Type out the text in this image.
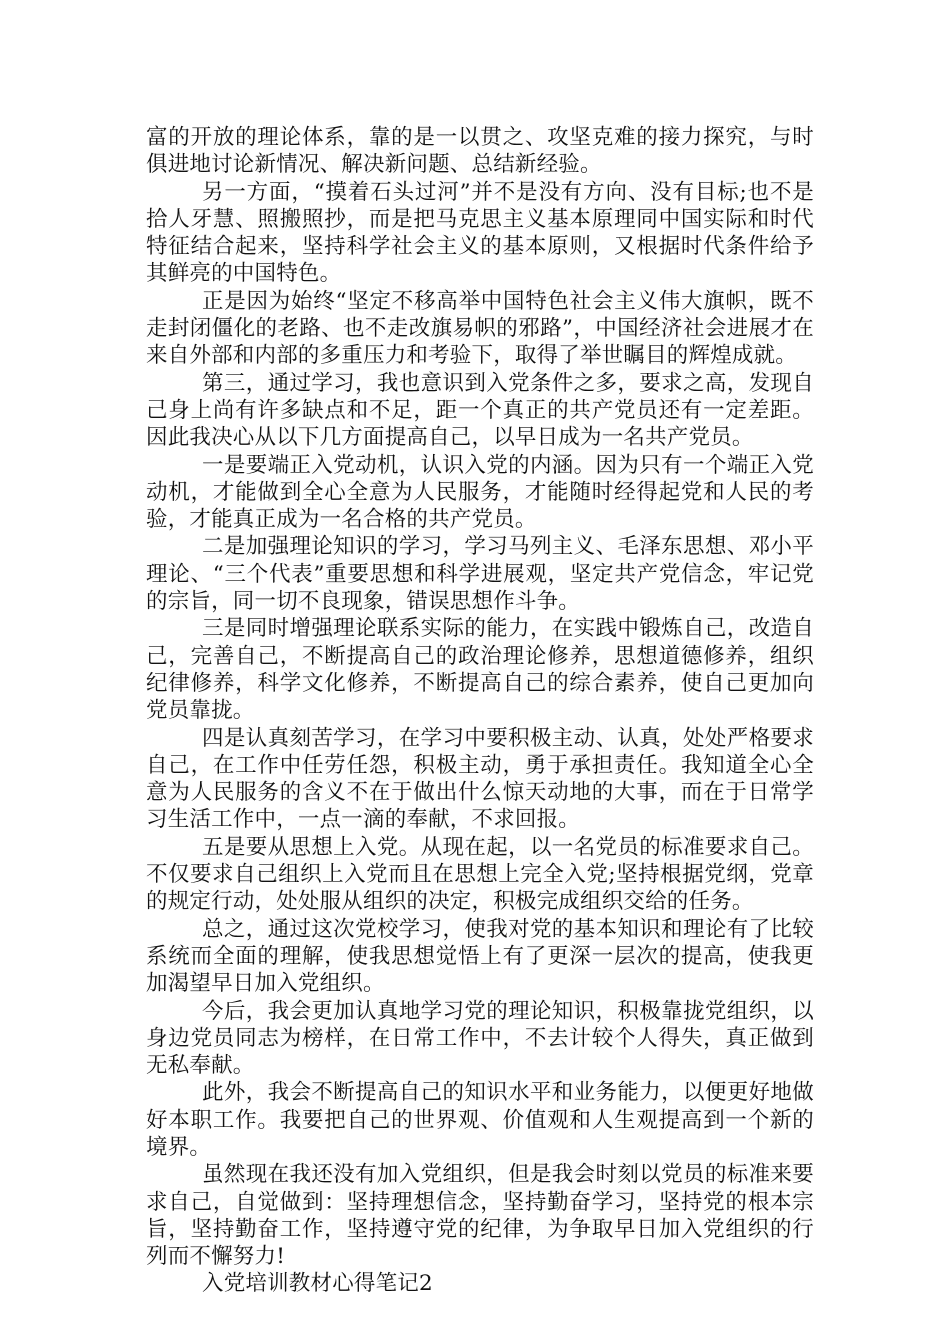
富的开放的理论体系，靠的是一以贯之、攻坚克难的接力探究，与时俱进地讨论新情况、解决新问题、总结新经验。

另一方面，“摸着石头过河”并不是没有方向、没有目标;也不是拾人牙慧、照搬照抄，而是把马克思主义基本原理同中国实际和时代特征结合起来，坚持科学社会主义的基本原则，又根据时代条件给予其鲜亮的中国特色。

正是因为始终“坚定不移高举中国特色社会主义伟大旗帜，既不走封闭僵化的老路、也不走改旗易帜的邪路”，中国经济社会进展才在来自外部和内部的多重压力和考验下，取得了举世瞩目的辉煌成就。

第三，通过学习，我也意识到入党条件之多，要求之高，发现自己身上尚有许多缺点和不足，距一个真正的共产党员还有一定差距。因此我决心从以下几方面提高自己，以早日成为一名共产党员。

一是要端正入党动机，认识入党的内涵。因为只有一个端正入党动机，才能做到全心全意为人民服务，才能随时经得起党和人民的考验，才能真正成为一名合格的共产党员。

二是加强理论知识的学习，学习马列主义、毛泽东思想、邓小平理论、“三个代表”重要思想和科学进展观，坚定共产党信念，牢记党的宗旨，同一切不良现象，错误思想作斗争。

三是同时增强理论联系实际的能力，在实践中锻炼自己，改造自己，完善自己，不断提高自己的政治理论修养，思想道德修养，组织纪律修养，科学文化修养，不断提高自己的综合素养，使自己更加向党员靠拢。

四是认真刻苦学习，在学习中要积极主动、认真，处处严格要求自己，在工作中任劳任怨，积极主动，勇于承担责任。我知道全心全意为人民服务的含义不在于做出什么惊天动地的大事，而在于日常学习生活工作中，一点一滴的奉献，不求回报。

五是要从思想上入党。从现在起，以一名党员的标准要求自己。不仅要求自己组织上入党而且在思想上完全入党;坚持根据党纲，党章的规定行动，处处服从组织的决定，积极完成组织交给的任务。

总之，通过这次党校学习，使我对党的基本知识和理论有了比较系统而全面的理解，使我思想觉悟上有了更深一层次的提高，使我更加渴望早日加入党组织。

今后，我会更加认真地学习党的理论知识，积极靠拢党组织，以身边党员同志为榜样，在日常工作中，不去计较个人得失，真正做到无私奉献。

此外，我会不断提高自己的知识水平和业务能力，以便更好地做好本职工作。我要把自己的世界观、价值观和人生观提高到一个新的境界。

虽然现在我还没有加入党组织，但是我会时刻以党员的标准来要求自己，自觉做到：坚持理想信念，坚持勤奋学习，坚持党的根本宗旨，坚持勤奋工作，坚持遵守党的纪律，为争取早日加入党组织的行列而不懈努力!

入党培训教材心得笔记2
